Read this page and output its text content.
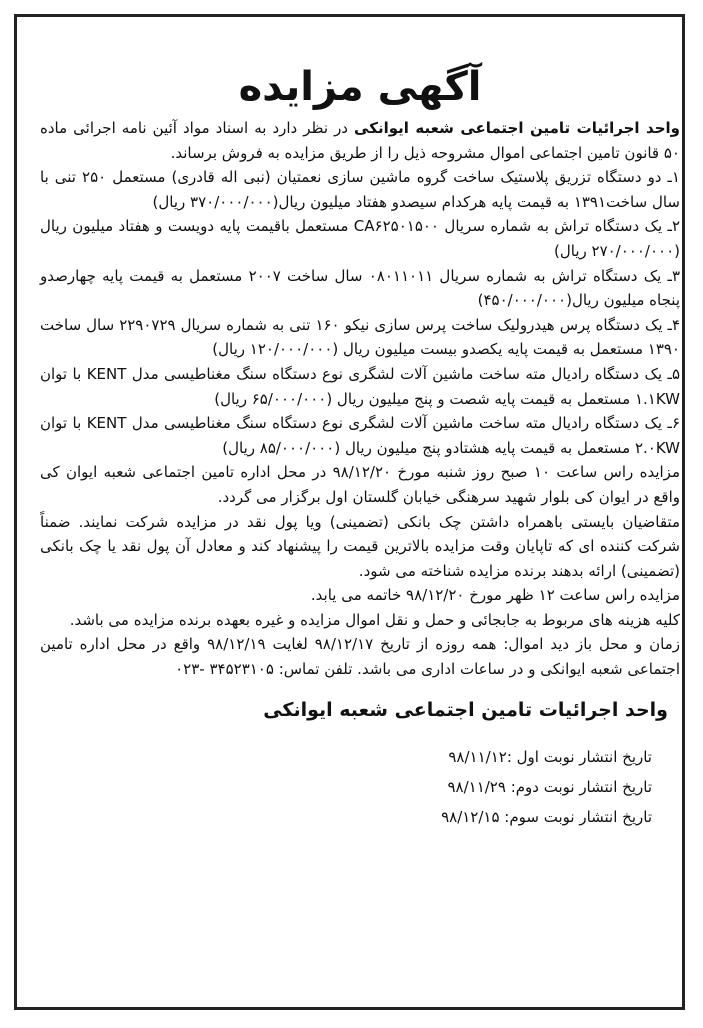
آگهی مزایده

واحد اجرائیات تامین اجتماعی شعبه ایوانکی در نظر دارد به اسناد مواد آئین نامه اجرائی ماده ۵۰ قانون تامین اجتماعی اموال مشروحه ذیل را از طریق مزایده به فروش برساند.

۱ـ دو دستگاه تزریق پلاستیک ساخت گروه ماشین سازی نعمتیان (نبی اله قادری) مستعمل ۲۵۰ تنی با سال ساخت۱۳۹۱ به قیمت پایه هرکدام سیصدو هفتاد میلیون ریال(۳۷۰/۰۰۰/۰۰۰ ریال)

۲ـ یک دستگاه تراش به شماره سریال CA۶۲۵۰۱۵۰۰ مستعمل باقیمت پایه دویست و هفتاد میلیون ریال (۲۷۰/۰۰۰/۰۰۰ ریال)

۳ـ یک دستگاه تراش به شماره سریال ۰۸۰۱۱۰۱۱ سال ساخت ۲۰۰۷ مستعمل به قیمت پایه چهارصدو پنجاه میلیون ریال(۴۵۰/۰۰۰/۰۰۰)

۴ـ یک دستگاه پرس هیدرولیک ساخت پرس سازی نیکو ۱۶۰ تنی به شماره سریال ۲۲۹۰۷۲۹ سال ساخت ۱۳۹۰ مستعمل به قیمت پایه یکصدو بیست میلیون ریال (۱۲۰/۰۰۰/۰۰۰ ریال)

۵ـ یک دستگاه رادیال مته ساخت ماشین آلات لشگری نوع دستگاه سنگ مغناطیسی مدل KENT با توان ۱.۱KW مستعمل به قیمت پایه شصت و پنج میلیون ریال (۶۵/۰۰۰/۰۰۰ ریال)

۶ـ یک دستگاه رادیال مته ساخت ماشین آلات لشگری نوع دستگاه سنگ مغناطیسی مدل KENT با توان ۲.۰KW مستعمل به قیمت پایه هشتادو پنج میلیون ریال (۸۵/۰۰۰/۰۰۰ ریال)

مزایده راس ساعت ۱۰ صبح روز شنبه مورخ ۹۸/۱۲/۲۰ در محل اداره تامین اجتماعی شعبه ایوان کی واقع در ایوان کی بلوار شهید سرهنگی خیابان گلستان اول برگزار می گردد.

متقاضیان بایستی باهمراه داشتن چک بانکی (تضمینی) ویا پول نقد در مزایده شرکت نمایند. ضمناً شرکت کننده ای که تاپایان وقت مزایده بالاترین قیمت را پیشنهاد کند و معادل آن پول نقد یا چک بانکی (تضمینی) ارائه بدهند برنده مزایده شناخته می شود.

مزایده راس ساعت ۱۲ ظهر مورخ ۹۸/۱۲/۲۰ خاتمه می یابد.

کلیه هزینه های مربوط به جابجائی و حمل و نقل اموال مزایده و غیره بعهده برنده مزایده می باشد.

زمان و محل باز دید اموال: همه روزه از تاریخ ۹۸/۱۲/۱۷ لغایت ۹۸/۱۲/۱۹ واقع در محل اداره تامین اجتماعی شعبه ایوانکی و در ساعات اداری می باشد. تلفن تماس: ۳۴۵۲۳۱۰۵ -۰۲۳

واحد اجرائیات تامین اجتماعی شعبه ایوانکی
تاریخ انتشار نوبت اول :۹۸/۱۱/۱۲
تاریخ انتشار نوبت دوم: ۹۸/۱۱/۲۹
تاریخ انتشار نوبت سوم: ۹۸/۱۲/۱۵
